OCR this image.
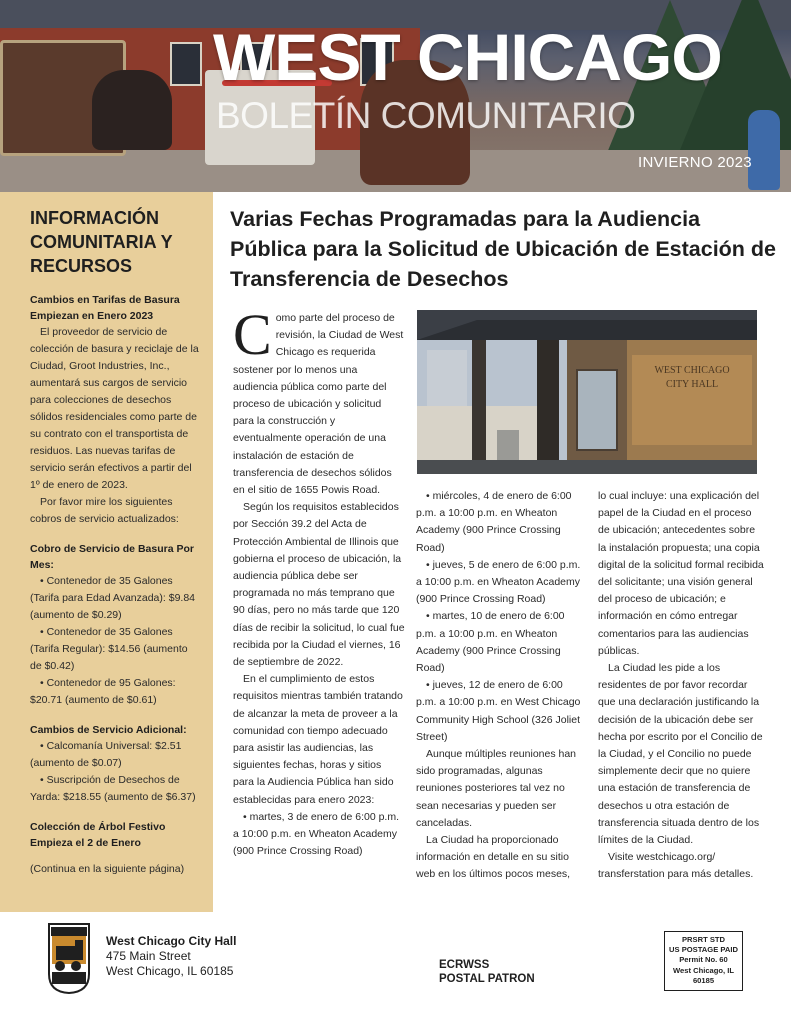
WEST CHICAGO
BOLETÍN COMUNITARIO
INVIERNO 2023
INFORMACIÓN COMUNITARIA Y RECURSOS

Cambios en Tarifas de Basura Empiezan en Enero 2023

El proveedor de servicio de colección de basura y reciclaje de la Ciudad, Groot Industries, Inc., aumentará sus cargos de servicio para colecciones de desechos sólidos residenciales como parte de su contrato con el transportista de residuos. Las nuevas tarifas de servicio serán efectivos a partir del 1º de enero de 2023.

Por favor mire los siguientes cobros de servicio actualizados:

Cobro de Servicio de Basura Por Mes:

• Contenedor de 35 Galones (Tarifa para Edad Avanzada): $9.84 (aumento de $0.29)

• Contenedor de 35 Galones (Tarifa Regular): $14.56 (aumento de $0.42)

• Contenedor de 95 Galones: $20.71 (aumento de $0.61)

Cambios de Servicio Adicional:

• Calcomanía Universal: $2.51 (aumento de $0.07)

• Suscripción de Desechos de Yarda: $218.55 (aumento de $6.37)

Colección de Árbol Festivo Empieza el 2 de Enero

(Continua en la siguiente página)
Varias Fechas Programadas para la Audiencia Pública para la Solicitud de Ubicación de Estación de Transferencia de Desechos

Como parte del proceso de revisión, la Ciudad de West Chicago es requerida sostener por lo menos una audiencia pública como parte del proceso de ubicación y solicitud para la construcción y eventualmente operación de una instalación de estación de transferencia de desechos sólidos en el sitio de 1655 Powis Road.

Según los requisitos establecidos por Sección 39.2 del Acta de Protección Ambiental de Illinois que gobierna el proceso de ubicación, la audiencia pública debe ser programada no más temprano que 90 días, pero no más tarde que 120 días de recibir la solicitud, lo cual fue recibida por la Ciudad el viernes, 16 de septiembre de 2022.

En el cumplimiento de estos requisitos mientras también tratando de alcanzar la meta de proveer a la comunidad con tiempo adecuado para asistir las audiencias, las siguientes fechas, horas y sitios para la Audiencia Pública han sido establecidas para enero 2023:

• martes, 3 de enero de 6:00 p.m. a 10:00 p.m. en Wheaton Academy (900 Prince Crossing Road)

WEST CHICAGO
CITY HALL

• miércoles, 4 de enero de 6:00 p.m. a 10:00 p.m. en Wheaton Academy (900 Prince Crossing Road)

• jueves, 5 de enero de 6:00 p.m. a 10:00 p.m. en Wheaton Academy (900 Prince Crossing Road)

• martes, 10 de enero de 6:00 p.m. a 10:00 p.m. en Wheaton Academy (900 Prince Crossing Road)

• jueves, 12 de enero de 6:00 p.m. a 10:00 p.m. en West Chicago Community High School (326 Joliet Street)

Aunque múltiples reuniones han sido programadas, algunas reuniones posteriores tal vez no sean necesarias y pueden ser canceladas.

La Ciudad ha proporcionado información en detalle en su sitio web en los últimos pocos meses,

lo cual incluye: una explicación del papel de la Ciudad en el proceso de ubicación; antecedentes sobre la instalación propuesta; una copia digital de la solicitud formal recibida del solicitante; una visión general del proceso de ubicación; e información en cómo entregar comentarios para las audiencias públicas.

La Ciudad les pide a los residentes de por favor recordar que una declaración justificando la decisión de la ubicación debe ser hecha por escrito por el Concilio de la Ciudad, y el Concilio no puede simplemente decir que no quiere una estación de transferencia de desechos u otra estación de transferencia situada dentro de los límites de la Ciudad.

Visite westchicago.org/ transferstation para más detalles.

West Chicago City Hall
475 Main Street
West Chicago, IL 60185	ECRWSS
POSTAL PATRON
PRSRT STD
US POSTAGE PAID
Permit No. 60
West Chicago, IL
60185
